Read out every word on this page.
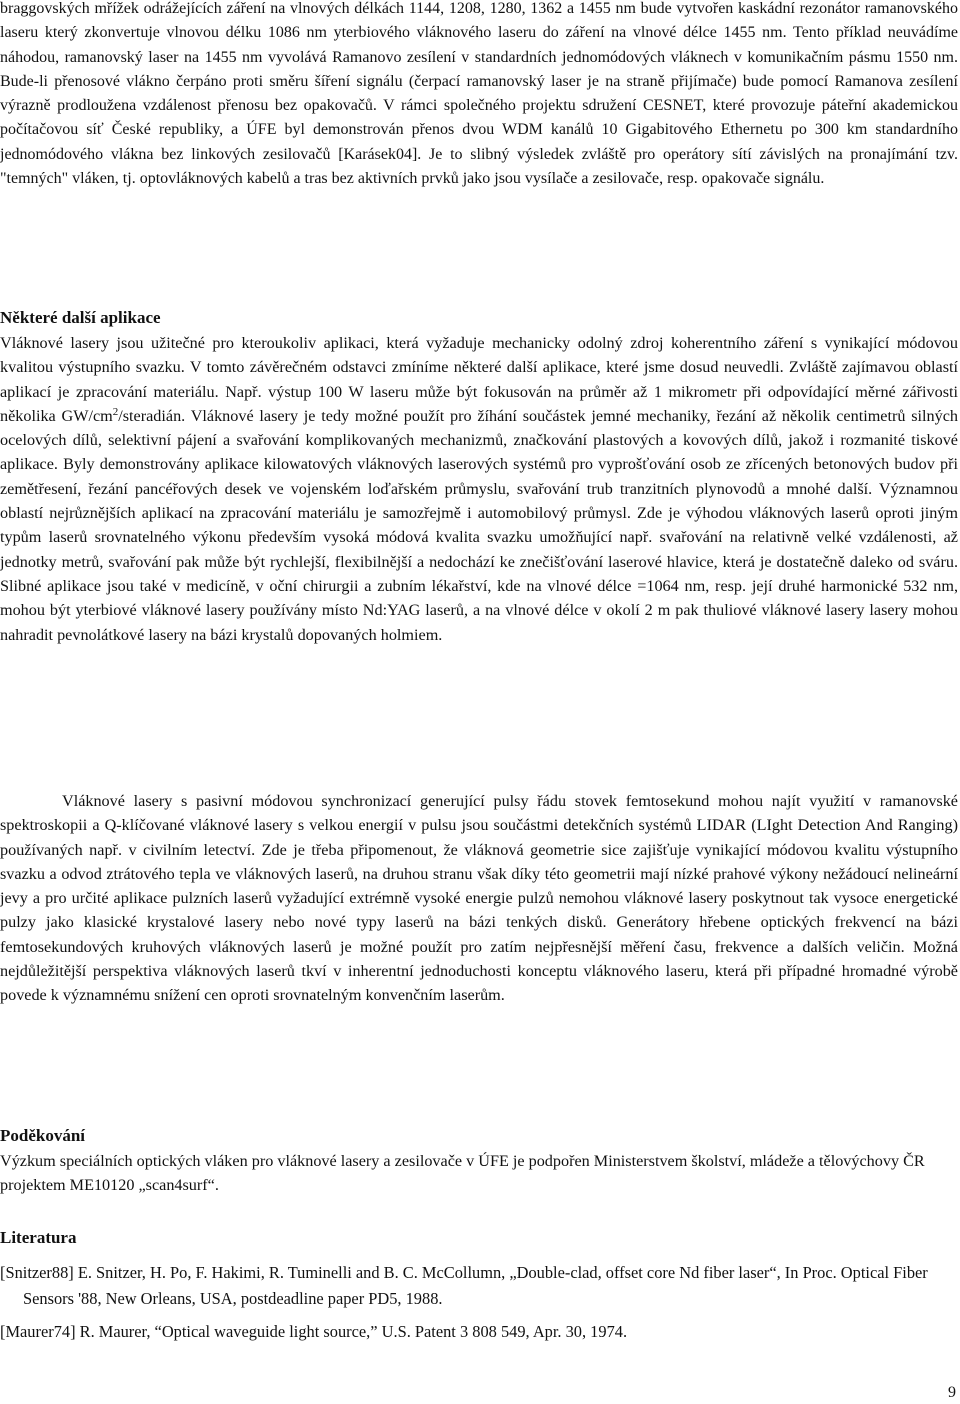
braggovských mřížek odrážejících záření na vlnových délkách 1144, 1208, 1280, 1362 a 1455 nm bude vytvořen kaskádní rezonátor ramanovského laseru který zkonvertuje vlnovou délku 1086 nm yterbiového vláknového laseru do záření na vlnové délce 1455 nm. Tento příklad neuvádíme náhodou, ramanovský laser na 1455 nm vyvolává Ramanovo zesílení v standardních jednomódových vláknech v komunikačním pásmu 1550 nm. Bude-li přenosové vlákno čerpáno proti směru šíření signálu (čerpací ramanovský laser je na straně přijímače) bude pomocí Ramanova zesílení výrazně prodloužena vzdálenost přenosu bez opakovačů. V rámci společného projektu sdružení CESNET, které provozuje páteřní akademickou počítačovou síť České republiky, a ÚFE byl demonstrován přenos dvou WDM kanálů 10 Gigabitového Ethernetu po 300 km standardního jednomódového vlákna bez linkových zesilovačů [Karásek04]. Je to slibný výsledek zvláště pro operátory sítí závislých na pronajímání tzv. "temných" vláken, tj. optovláknových kabelů a tras bez aktivních prvků jako jsou vysílače a zesilovače, resp. opakovače signálu.

Některé další aplikace

Vláknové lasery jsou užitečné pro kteroukoliv aplikaci, která vyžaduje mechanicky odolný zdroj koherentního záření s vynikající módovou kvalitou výstupního svazku. V tomto závěrečném odstavci zmíníme některé další aplikace, které jsme dosud neuvedli. Zvláště zajímavou oblastí aplikací je zpracování materiálu. Např. výstup 100 W laseru může být fokusován na průměr až 1 mikrometr při odpovídající měrné zářivosti několika $GW/cm^2$/steradián. Vláknové lasery je tedy možné použít pro žíhání součástek jemné mechaniky, řezání až několik centimetrů silných ocelových dílů, selektivní pájení a svařování komplikovaných mechanizmů, značkování plastových a kovových dílů, jakož i rozmanité tiskové aplikace. Byly demonstrovány aplikace kilowatových vláknových laserových systémů pro vyprošťování osob ze zřícených betonových budov při zemětřesení, řezání pancéřových desek ve vojenském loďařském průmyslu, svařování trub tranzitních plynovodů a mnohé další. Významnou oblastí nejrůznějších aplikací na zpracování materiálu je samozřejmě i automobilový průmysl. Zde je výhodou vláknových laserů oproti jiným typům laserů srovnatelného výkonu především vysoká módová kvalita svazku umožňující např. svařování na relativně velké vzdálenosti, až jednotky metrů, svařování pak může být rychlejší, flexibilnější a nedochází ke znečišťování laserové hlavice, která je dostatečně daleko od sváru. Slibné aplikace jsou také v medicíně, v oční chirurgii a zubním lékařství, kde na vlnové délce =1064 nm, resp. její druhé harmonické 532 nm, mohou být yterbiové vláknové lasery používány místo Nd:YAG laserů, a na vlnové délce v okolí 2 m pak thuliové vláknové lasery lasery mohou nahradit pevnolátkové lasery na bázi krystalů dopovaných holmiem.

Vláknové lasery s pasivní módovou synchronizací generující pulsy řádu stovek femtosekund mohou najít využití v ramanovské spektroskopii a Q-klíčované vláknové lasery s velkou energií v pulsu jsou součástmi detekčních systémů LIDAR (LIght Detection And Ranging) používaných např. v civilním letectví. Zde je třeba připomenout, že vláknová geometrie sice zajišťuje vynikající módovou kvalitu výstupního svazku a odvod ztrátového tepla ve vláknových laserů, na druhou stranu však díky této geometrii mají nízké prahové výkony nežádoucí nelineární jevy a pro určité aplikace pulzních laserů vyžadující extrémně vysoké energie pulzů nemohou vláknové lasery poskytnout tak vysoce energetické pulzy jako klasické krystalové lasery nebo nové typy laserů na bázi tenkých disků. Generátory hřebene optických frekvencí na bázi femtosekundových kruhových vláknových laserů je možné použít pro zatím nejpřesnější měření času, frekvence a dalších veličin. Možná nejdůležitější perspektiva vláknových laserů tkví v inherentní jednoduchosti konceptu vláknového laseru, která při případné hromadné výrobě povede k významnému snížení cen oproti srovnatelným konvenčním laserům.

Poděkování

Výzkum speciálních optických vláken pro vláknové lasery a zesilovače v ÚFE je podpořen Ministerstvem školství, mládeže a tělovýchovy ČR projektem ME10120 „scan4surf“.

Literatura

[Snitzer88] E. Snitzer, H. Po, F. Hakimi, R. Tuminelli and B. C. McCollumn, „Double-clad, offset core Nd fiber laser“, In Proc. Optical Fiber Sensors '88, New Orleans, USA, postdeadline paper PD5, 1988.

[Maurer74] R. Maurer, “Optical waveguide light source,” U.S. Patent 3 808 549, Apr. 30, 1974.

9
